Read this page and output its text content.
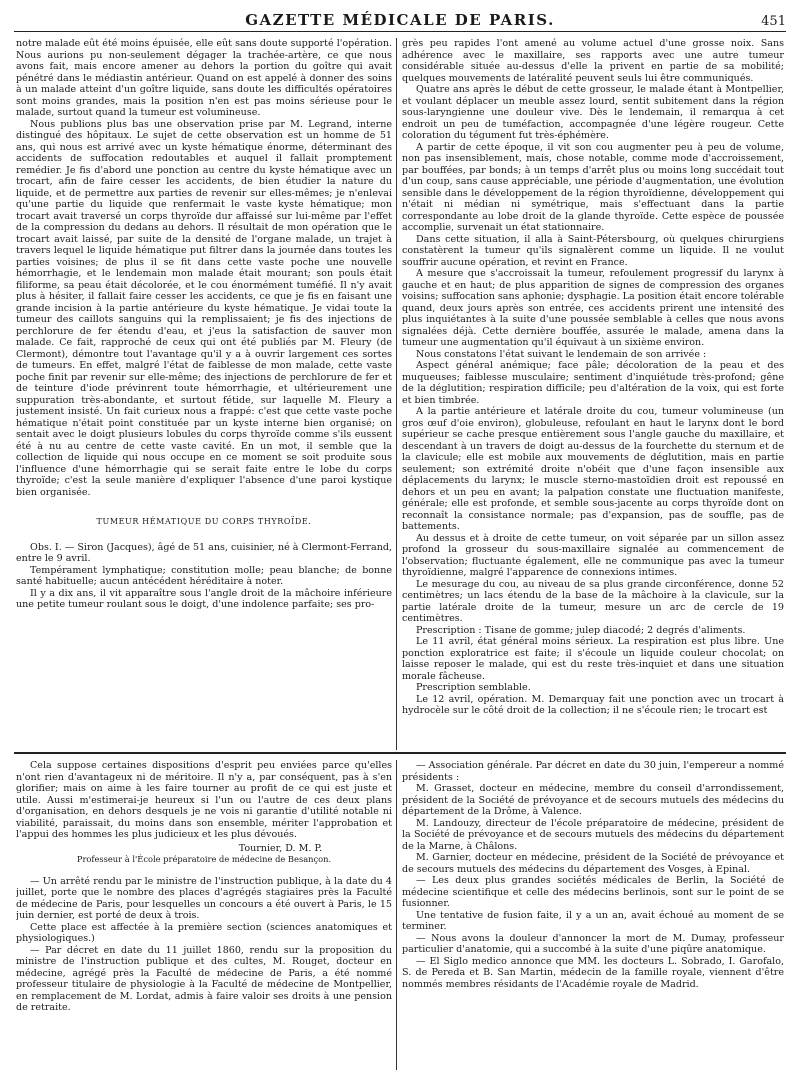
GAZETTE MÉDICALE DE PARIS.	451

notre malade eût été moins épuisée, elle eût sans doute supporté l'opération. Nous aurions pu non-seulement dégager la trachée-artère, ce que nous avons fait, mais encore amener au dehors la portion du goître qui avait pénétré dans le médiastin antérieur. Quand on est appelé à donner des soins à un malade atteint d'un goître liquide, sans doute les difficultés opératoires sont moins grandes, mais la position n'en est pas moins sérieuse pour le malade, surtout quand la tumeur est volumineuse.

Nous publions plus bas une observation prise par M. Legrand, interne distingué des hôpitaux. Le sujet de cette observation est un homme de 51 ans, qui nous est arrivé avec un kyste hématique énorme, déterminant des accidents de suffocation redoutables et auquel il fallait promptement remédier. Je fis d'abord une ponction au centre du kyste hématique avec un trocart, afin de faire cesser les accidents, de bien étudier la nature du liquide, et de permettre aux parties de revenir sur elles-mêmes; je n'enlevai qu'une partie du liquide que renfermait le vaste kyste hématique; mon trocart avait traversé un corps thyroïde dur affaissé sur lui-même par l'effet de la compression du dedans au dehors. Il résultait de mon opération que le trocart avait laissé, par suite de la densité de l'organe malade, un trajet à travers lequel le liquide hématique put filtrer dans la journée dans toutes les parties voisines; de plus il se fit dans cette vaste poche une nouvelle hémorrhagie, et le lendemain mon malade était mourant; son pouls était filiforme, sa peau était décolorée, et le cou énormément tuméfié. Il n'y avait plus à hésiter, il fallait faire cesser les accidents, ce que je fis en faisant une grande incision à la partie antérieure du kyste hématique. Je vidai toute la tumeur des caillots sanguins qui la remplissaient; je fis des injections de perchlorure de fer étendu d'eau, et j'eus la satisfaction de sauver mon malade. Ce fait, rapproché de ceux qui ont été publiés par M. Fleury (de Clermont), démontre tout l'avantage qu'il y a à ouvrir largement ces sortes de tumeurs. En effet, malgré l'état de faiblesse de mon malade, cette vaste poche finit par revenir sur elle-même; des injections de perchlorure de fer et de teinture d'iode prévinrent toute hémorrhagie, et ultérieurement une suppuration très-abondante, et surtout fétide, sur laquelle M. Fleury a justement insisté. Un fait curieux nous a frappé: c'est que cette vaste poche hématique n'était point constituée par un kyste interne bien organisé; on sentait avec le doigt plusieurs lobules du corps thyroïde comme s'ils eussent été à nu au centre de cette vaste cavité. En un mot, il semble que la collection de liquide qui nous occupe en ce moment se soit produite sous l'influence d'une hémorrhagie qui se serait faite entre le lobe du corps thyroïde; c'est la seule manière d'expliquer l'absence d'une paroi kystique bien organisée.

TUMEUR HÉMATIQUE DU CORPS THYROÏDE.

Obs. I. — Siron (Jacques), âgé de 51 ans, cuisinier, né à Clermont-Ferrand, entre le 9 avril.

Tempérament lymphatique; constitution molle; peau blanche; de bonne santé habituelle; aucun antécédent héréditaire à noter.

Il y a dix ans, il vit apparaître sous l'angle droit de la mâchoire inférieure une petite tumeur roulant sous le doigt, d'une indolence parfaite; ses pro-

grès peu rapides l'ont amené au volume actuel d'une grosse noix. Sans adhérence avec le maxillaire, ses rapports avec une autre tumeur considérable située au-dessus d'elle la privent en partie de sa mobilité; quelques mouvements de latéralité peuvent seuls lui être communiqués.

Quatre ans après le début de cette grosseur, le malade étant à Montpellier, et voulant déplacer un meuble assez lourd, sentit subitement dans la région sous-laryngienne une douleur vive. Dès le lendemain, il remarqua à cet endroit un peu de tuméfaction, accompagnée d'une légère rougeur. Cette coloration du tégument fut très-éphémère.

A partir de cette époque, il vit son cou augmenter peu à peu de volume, non pas insensiblement, mais, chose notable, comme mode d'accroissement, par bouffées, par bonds; à un temps d'arrêt plus ou moins long succédait tout d'un coup, sans cause appréciable, une période d'augmentation, une évolution sensible dans le développement de la région thyroïdienne, développement qui n'était ni médian ni symétrique, mais s'effectuant dans la partie correspondante au lobe droit de la glande thyroïde. Cette espèce de poussée accomplie, survenait un état stationnaire.

Dans cette situation, il alla à Saint-Pétersbourg, où quelques chirurgiens constatèrent la tumeur qu'ils signalèrent comme un liquide. Il ne voulut souffrir aucune opération, et revint en France.

A mesure que s'accroissait la tumeur, refoulement progressif du larynx à gauche et en haut; de plus apparition de signes de compression des organes voisins; suffocation sans aphonie; dysphagie. La position était encore tolérable quand, deux jours après son entrée, ces accidents prirent une intensité des plus inquiétantes à la suite d'une poussée semblable à celles que nous avons signalées déjà. Cette dernière bouffée, assurée le malade, amena dans la tumeur une augmentation qu'il équivaut à un sixième environ.

Nous constatons l'état suivant le lendemain de son arrivée :

Aspect général anémique; face pâle; décoloration de la peau et des muqueuses; faiblesse musculaire; sentiment d'inquiétude très-profond; gêne de la déglutition; respiration difficile; peu d'altération de la voix, qui est forte et bien timbrée.

A la partie antérieure et latérale droite du cou, tumeur volumineuse (un gros œuf d'oie environ), globuleuse, refoulant en haut le larynx dont le bord supérieur se cache presque entièrement sous l'angle gauche du maxillaire, et descendant à un travers de doigt au-dessus de la fourchette du sternum et de la clavicule; elle est mobile aux mouvements de déglutition, mais en partie seulement; son extrémité droite n'obéit que d'une façon insensible aux déplacements du larynx; le muscle sterno-mastoïdien droit est repoussé en dehors et un peu en avant; la palpation constate une fluctuation manifeste, générale; elle est profonde, et semble sous-jacente au corps thyroïde dont on reconnaît la consistance normale; pas d'expansion, pas de souffle, pas de battements.

Au dessus et à droite de cette tumeur, on voit séparée par un sillon assez profond la grosseur du sous-maxillaire signalée au commencement de l'observation; fluctuante également, elle ne communique pas avec la tumeur thyroïdienne, malgré l'apparence de connexions intimes.

Le mesurage du cou, au niveau de sa plus grande circonférence, donne 52 centimètres; un lacs étendu de la base de la mâchoire à la clavicule, sur la partie latérale droite de la tumeur, mesure un arc de cercle de 19 centimètres.

Prescription : Tisane de gomme; julep diacodé; 2 degrés d'aliments.

Le 11 avril, état général moins sérieux. La respiration est plus libre. Une ponction exploratrice est faite; il s'écoule un liquide couleur chocolat; on laisse reposer le malade, qui est du reste très-inquiet et dans une situation morale fâcheuse.

Prescription semblable.

Le 12 avril, opération. M. Demarquay fait une ponction avec un trocart à hydrocèle sur le côté droit de la collection; il ne s'écoule rien; le trocart est

Cela suppose certaines dispositions d'esprit peu enviées parce qu'elles n'ont rien d'avantageux ni de méritoire. Il n'y a, par conséquent, pas à s'en glorifier; mais on aime à les faire tourner au profit de ce qui est juste et utile. Aussi m'estimerai-je heureux si l'un ou l'autre de ces deux plans d'organisation, en dehors desquels je ne vois ni garantie d'utilité notable ni viabilité, paraissait, du moins dans son ensemble, mériter l'approbation et l'appui des hommes les plus judicieux et les plus dévoués.

Tournier, D. M. P.
Professeur à l'École préparatoire de médecine de Besançon.

— Un arrêté rendu par le ministre de l'instruction publique, à la date du 4 juillet, porte que le nombre des places d'agrégés stagiaires près la Faculté de médecine de Paris, pour lesquelles un concours a été ouvert à Paris, le 15 juin dernier, est porté de deux à trois.

Cette place est affectée à la première section (sciences anatomiques et physiologiques.)

— Par décret en date du 11 juillet 1860, rendu sur la proposition du ministre de l'instruction publique et des cultes, M. Rouget, docteur en médecine, agrégé près la Faculté de médecine de Paris, a été nommé professeur titulaire de physiologie à la Faculté de médecine de Montpellier, en remplacement de M. Lordat, admis à faire valoir ses droits à une pension de retraite.

— Association générale. Par décret en date du 30 juin, l'empereur a nommé présidents :

M. Grasset, docteur en médecine, membre du conseil d'arrondissement, président de la Société de prévoyance et de secours mutuels des médecins du département de la Drôme, à Valence.

M. Landouzy, directeur de l'école préparatoire de médecine, président de la Société de prévoyance et de secours mutuels des médecins du département de la Marne, à Châlons.

M. Garnier, docteur en médecine, président de la Société de prévoyance et de secours mutuels des médecins du département des Vosges, à Epinal.

— Les deux plus grandes sociétés médicales de Berlin, la Société de médecine scientifique et celle des médecins berlinois, sont sur le point de se fusionner.

Une tentative de fusion faite, il y a un an, avait échoué au moment de se terminer.

— Nous avons la douleur d'annoncer la mort de M. Dumay, professeur particulier d'anatomie, qui a succombé à la suite d'une piqûre anatomique.

— El Siglo medico annonce que MM. les docteurs L. Sobrado, I. Garofalo, S. de Pereda et B. San Martin, médecin de la famille royale, viennent d'être nommés membres résidants de l'Académie royale de Madrid.
